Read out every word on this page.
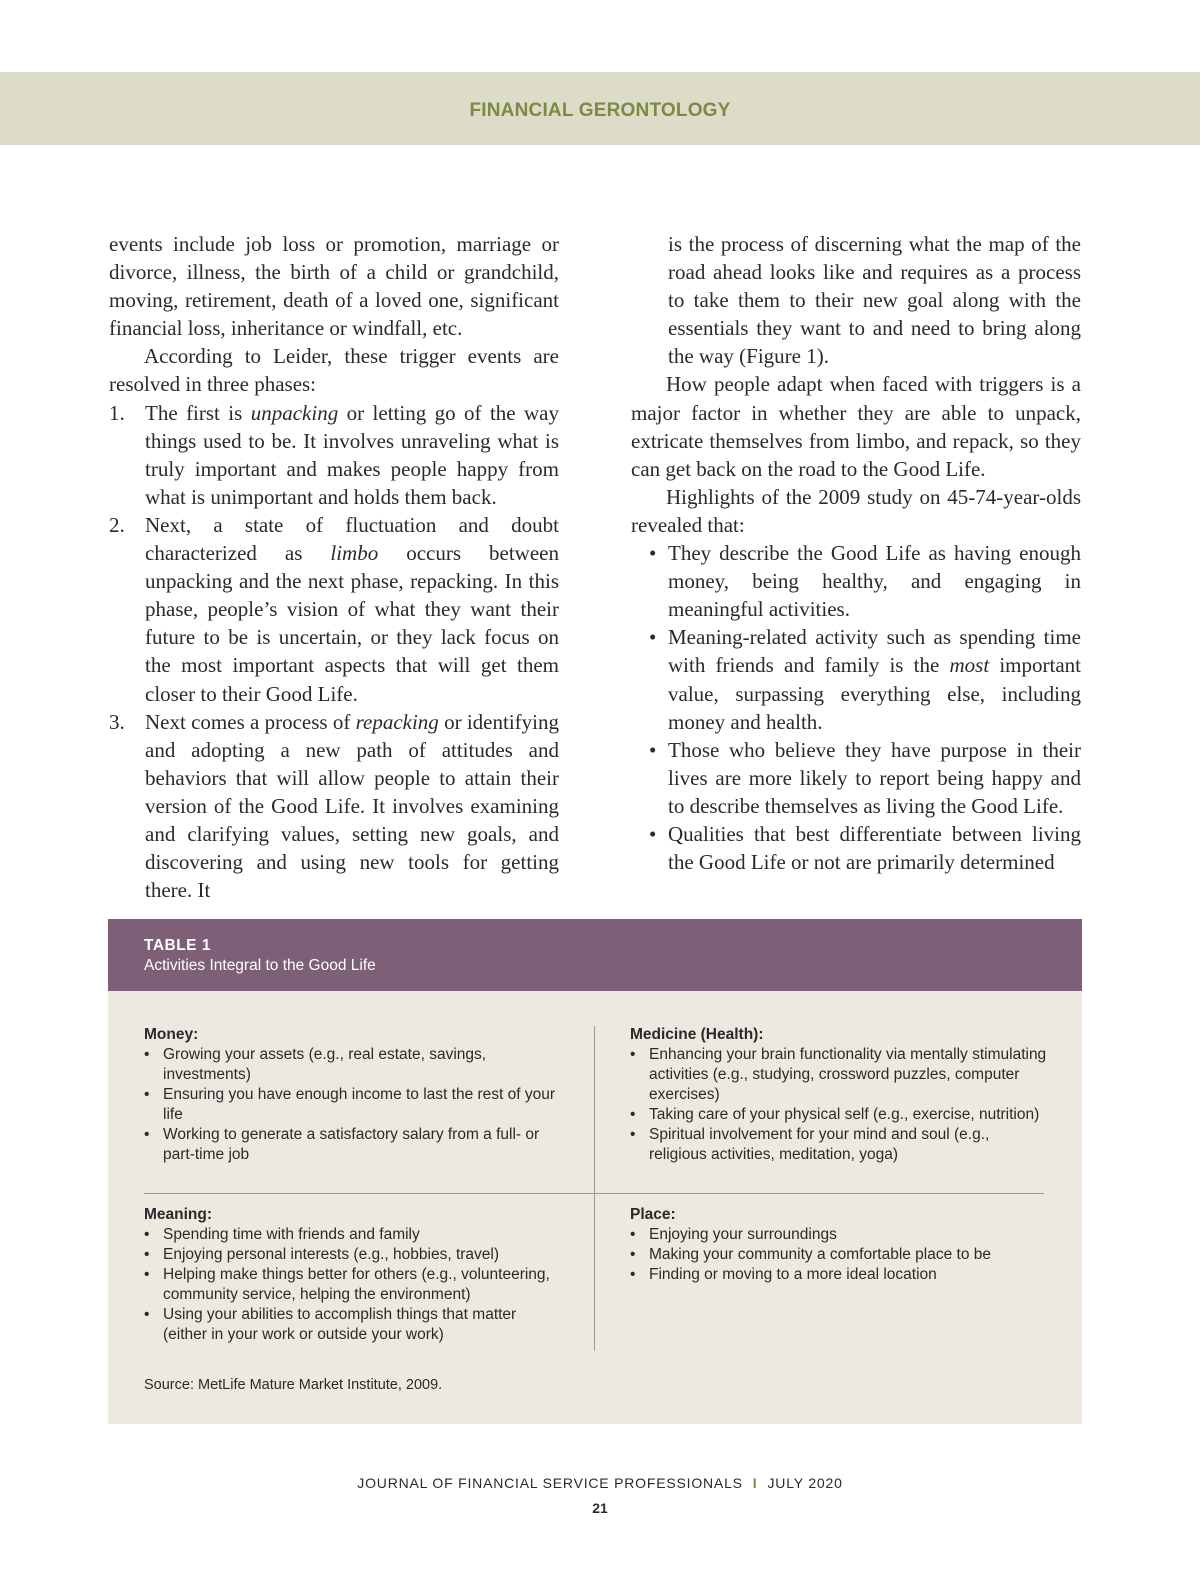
FINANCIAL GERONTOLOGY

events include job loss or promotion, marriage or divorce, illness, the birth of a child or grandchild, moving, retirement, death of a loved one, significant financial loss, inheritance or windfall, etc.

According to Leider, these trigger events are resolved in three phases:

1. The first is unpacking or letting go of the way things used to be. It involves unraveling what is truly important and makes people happy from what is unimportant and holds them back.

2. Next, a state of fluctuation and doubt characterized as limbo occurs between unpacking and the next phase, repacking. In this phase, people’s vision of what they want their future to be is uncertain, or they lack focus on the most important aspects that will get them closer to their Good Life.

3. Next comes a process of repacking or identifying and adopting a new path of attitudes and behaviors that will allow people to attain their version of the Good Life. It involves examining and clarifying values, setting new goals, and discovering and using new tools for getting there. It

is the process of discerning what the map of the road ahead looks like and requires as a process to take them to their new goal along with the essentials they want to and need to bring along the way (Figure 1).

How people adapt when faced with triggers is a major factor in whether they are able to unpack, extricate themselves from limbo, and repack, so they can get back on the road to the Good Life.

Highlights of the 2009 study on 45-74-year-olds revealed that:

• They describe the Good Life as having enough money, being healthy, and engaging in meaningful activities.

• Meaning-related activity such as spending time with friends and family is the most important value, surpassing everything else, including money and health.

• Those who believe they have purpose in their lives are more likely to report being happy and to describe themselves as living the Good Life.

• Qualities that best differentiate between living the Good Life or not are primarily determined

TABLE 1
Activities Integral to the Good Life
Money:
• Growing your assets (e.g., real estate, savings, investments)
• Ensuring you have enough income to last the rest of your life
• Working to generate a satisfactory salary from a full- or part-time job
Medicine (Health):
• Enhancing your brain functionality via mentally stimulating activities (e.g., studying, crossword puzzles, computer exercises)
• Taking care of your physical self (e.g., exercise, nutrition)
• Spiritual involvement for your mind and soul (e.g., religious activities, meditation, yoga)
Meaning:
• Spending time with friends and family
• Enjoying personal interests (e.g., hobbies, travel)
• Helping make things better for others (e.g., volunteering, community service, helping the environment)
• Using your abilities to accomplish things that matter (either in your work or outside your work)
Place:
• Enjoying your surroundings
• Making your community a comfortable place to be
• Finding or moving to a more ideal location
Source: MetLife Mature Market Institute, 2009.
JOURNAL OF FINANCIAL SERVICE PROFESSIONALS I JULY 2020
21
